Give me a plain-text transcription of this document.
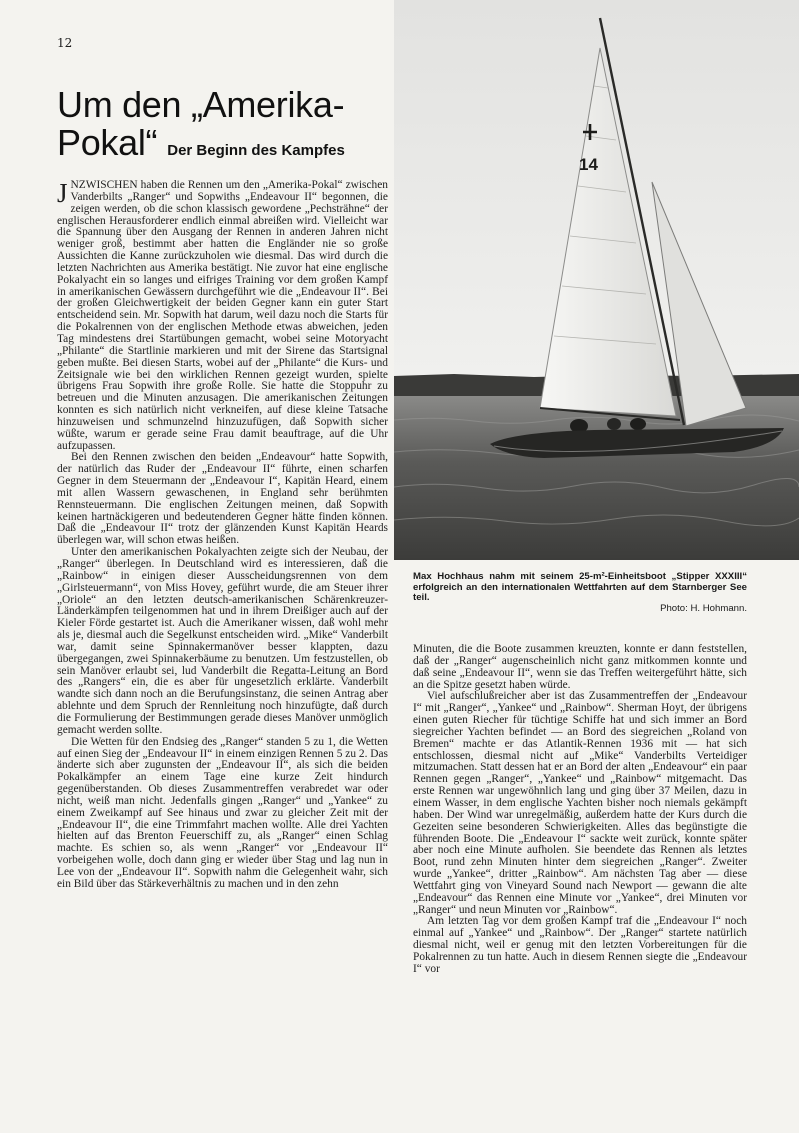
12
Um den „Amerika-Pokal“ Der Beginn des Kampfes

JNZWISCHEN haben die Rennen um den „Amerika-Pokal“ zwischen Vanderbilts „Ranger“ und Sopwiths „Endeavour II“ begonnen, die zeigen werden, ob die schon klassisch gewordene „Pechsträhne“ der englischen Herausforderer endlich einmal abreißen wird. Vielleicht war die Spannung über den Ausgang der Rennen in anderen Jahren nicht weniger groß, bestimmt aber hatten die Engländer nie so große Aussichten die Kanne zurückzuholen wie diesmal. Das wird durch die letzten Nachrichten aus Amerika bestätigt. Nie zuvor hat eine englische Pokalyacht ein so langes und eifriges Training vor dem großen Kampf in amerikanischen Gewässern durchgeführt wie die „Endeavour II“. Bei der großen Gleichwertigkeit der beiden Gegner kann ein guter Start entscheidend sein. Mr. Sopwith hat darum, weil dazu noch die Starts für die Pokalrennen von der englischen Methode etwas abweichen, jeden Tag mindestens drei Startübungen gemacht, wobei seine Motoryacht „Philante“ die Startlinie markieren und mit der Sirene das Startsignal geben mußte. Bei diesen Starts, wobei auf der „Philante“ die Kurs- und Zeitsignale wie bei den wirklichen Rennen gezeigt wurden, spielte übrigens Frau Sopwith ihre große Rolle. Sie hatte die Stoppuhr zu betreuen und die Minuten anzusagen. Die amerikanischen Zeitungen konnten es sich natürlich nicht verkneifen, auf diese kleine Tatsache hinzuweisen und schmunzelnd hinzuzufügen, daß Sopwith sicher wüßte, warum er gerade seine Frau damit beauftrage, auf die Uhr aufzupassen.

Bei den Rennen zwischen den beiden „Endeavour“ hatte Sopwith, der natürlich das Ruder der „Endeavour II“ führte, einen scharfen Gegner in dem Steuermann der „Endeavour I“, Kapitän Heard, einem mit allen Wassern gewaschenen, in England sehr berühmten Rennsteuermann. Die englischen Zeitungen meinen, daß Sopwith keinen hartnäckigeren und bedeutenderen Gegner hätte finden können. Daß die „Endeavour II“ trotz der glänzenden Kunst Kapitän Heards überlegen war, will schon etwas heißen.

Unter den amerikanischen Pokalyachten zeigte sich der Neubau, der „Ranger“ überlegen. In Deutschland wird es interessieren, daß die „Rainbow“ in einigen dieser Ausscheidungsrennen von dem „Girlsteuermann“, von Miss Hovey, geführt wurde, die am Steuer ihrer „Oriole“ an den letzten deutsch-amerikanischen Schärenkreuzer-Länderkämpfen teilgenommen hat und in ihrem Dreißiger auch auf der Kieler Förde gestartet ist. Auch die Amerikaner wissen, daß wohl mehr als je, diesmal auch die Segelkunst entscheiden wird. „Mike“ Vanderbilt war, damit seine Spinnakermanöver besser klappten, dazu übergegangen, zwei Spinnakerbäume zu benutzen. Um festzustellen, ob sein Manöver erlaubt sei, lud Vanderbilt die Regatta-Leitung an Bord des „Rangers“ ein, die es aber für ungesetzlich erklärte. Vanderbilt wandte sich dann noch an die Berufungsinstanz, die seinen Antrag aber ablehnte und dem Spruch der Rennleitung noch hinzufügte, daß durch die Formulierung der Bestimmungen gerade dieses Manöver unmöglich gemacht werden sollte.

Die Wetten für den Endsieg des „Ranger“ standen 5 zu 1, die Wetten auf einen Sieg der „Endeavour II“ in einem einzigen Rennen 5 zu 2. Das änderte sich aber zugunsten der „Endeavour II“, als sich die beiden Pokalkämpfer an einem Tage eine kurze Zeit hindurch gegenüberstanden. Ob dieses Zusammentreffen verabredet war oder nicht, weiß man nicht. Jedenfalls gingen „Ranger“ und „Yankee“ zu einem Zweikampf auf See hinaus und zwar zu gleicher Zeit mit der „Endeavour II“, die eine Trimmfahrt machen wollte. Alle drei Yachten hielten auf das Brenton Feuerschiff zu, als „Ranger“ einen Schlag machte. Es schien so, als wenn „Ranger“ vor „Endeavour II“ vorbeigehen wolle, doch dann ging er wieder über Stag und lag nun in Lee von der „Endeavour II“. Sopwith nahm die Gelegenheit wahr, sich ein Bild über das Stärkeverhältnis zu machen und in den zehn

14
Max Hochhaus nahm mit seinem 25-m²-Einheitsboot „Stipper XXXIII“ erfolgreich an den internationalen Wettfahrten auf dem Starnberger See teil.
Photo: H. Hohmann.

Minuten, die die Boote zusammen kreuzten, konnte er dann feststellen, daß der „Ranger“ augenscheinlich nicht ganz mitkommen konnte und daß seine „Endeavour II“, wenn sie das Treffen weitergeführt hätte, sich an die Spitze gesetzt haben würde.

Viel aufschlußreicher aber ist das Zusammentreffen der „Endeavour I“ mit „Ranger“, „Yankee“ und „Rainbow“. Sherman Hoyt, der übrigens einen guten Riecher für tüchtige Schiffe hat und sich immer an Bord siegreicher Yachten befindet — an Bord des siegreichen „Roland von Bremen“ machte er das Atlantik-Rennen 1936 mit — hat sich entschlossen, diesmal nicht auf „Mike“ Vanderbilts Verteidiger mitzumachen. Statt dessen hat er an Bord der alten „Endeavour“ ein paar Rennen gegen „Ranger“, „Yankee“ und „Rainbow“ mitgemacht. Das erste Rennen war ungewöhnlich lang und ging über 37 Meilen, dazu in einem Wasser, in dem englische Yachten bisher noch niemals gekämpft haben. Der Wind war unregelmäßig, außerdem hatte der Kurs durch die Gezeiten seine besonderen Schwierigkeiten. Alles das begünstigte die führenden Boote. Die „Endeavour I“ sackte weit zurück, konnte später aber noch eine Minute aufholen. Sie beendete das Rennen als letztes Boot, rund zehn Minuten hinter dem siegreichen „Ranger“. Zweiter wurde „Yankee“, dritter „Rainbow“. Am nächsten Tag aber — diese Wettfahrt ging von Vineyard Sound nach Newport — gewann die alte „Endeavour“ das Rennen eine Minute vor „Yankee“, drei Minuten vor „Ranger“ und neun Minuten vor „Rainbow“.

Am letzten Tag vor dem großen Kampf traf die „Endeavour I“ noch einmal auf „Yankee“ und „Rainbow“. Der „Ranger“ startete natürlich diesmal nicht, weil er genug mit den letzten Vorbereitungen für die Pokalrennen zu tun hatte. Auch in diesem Rennen siegte die „Endeavour I“ vor
